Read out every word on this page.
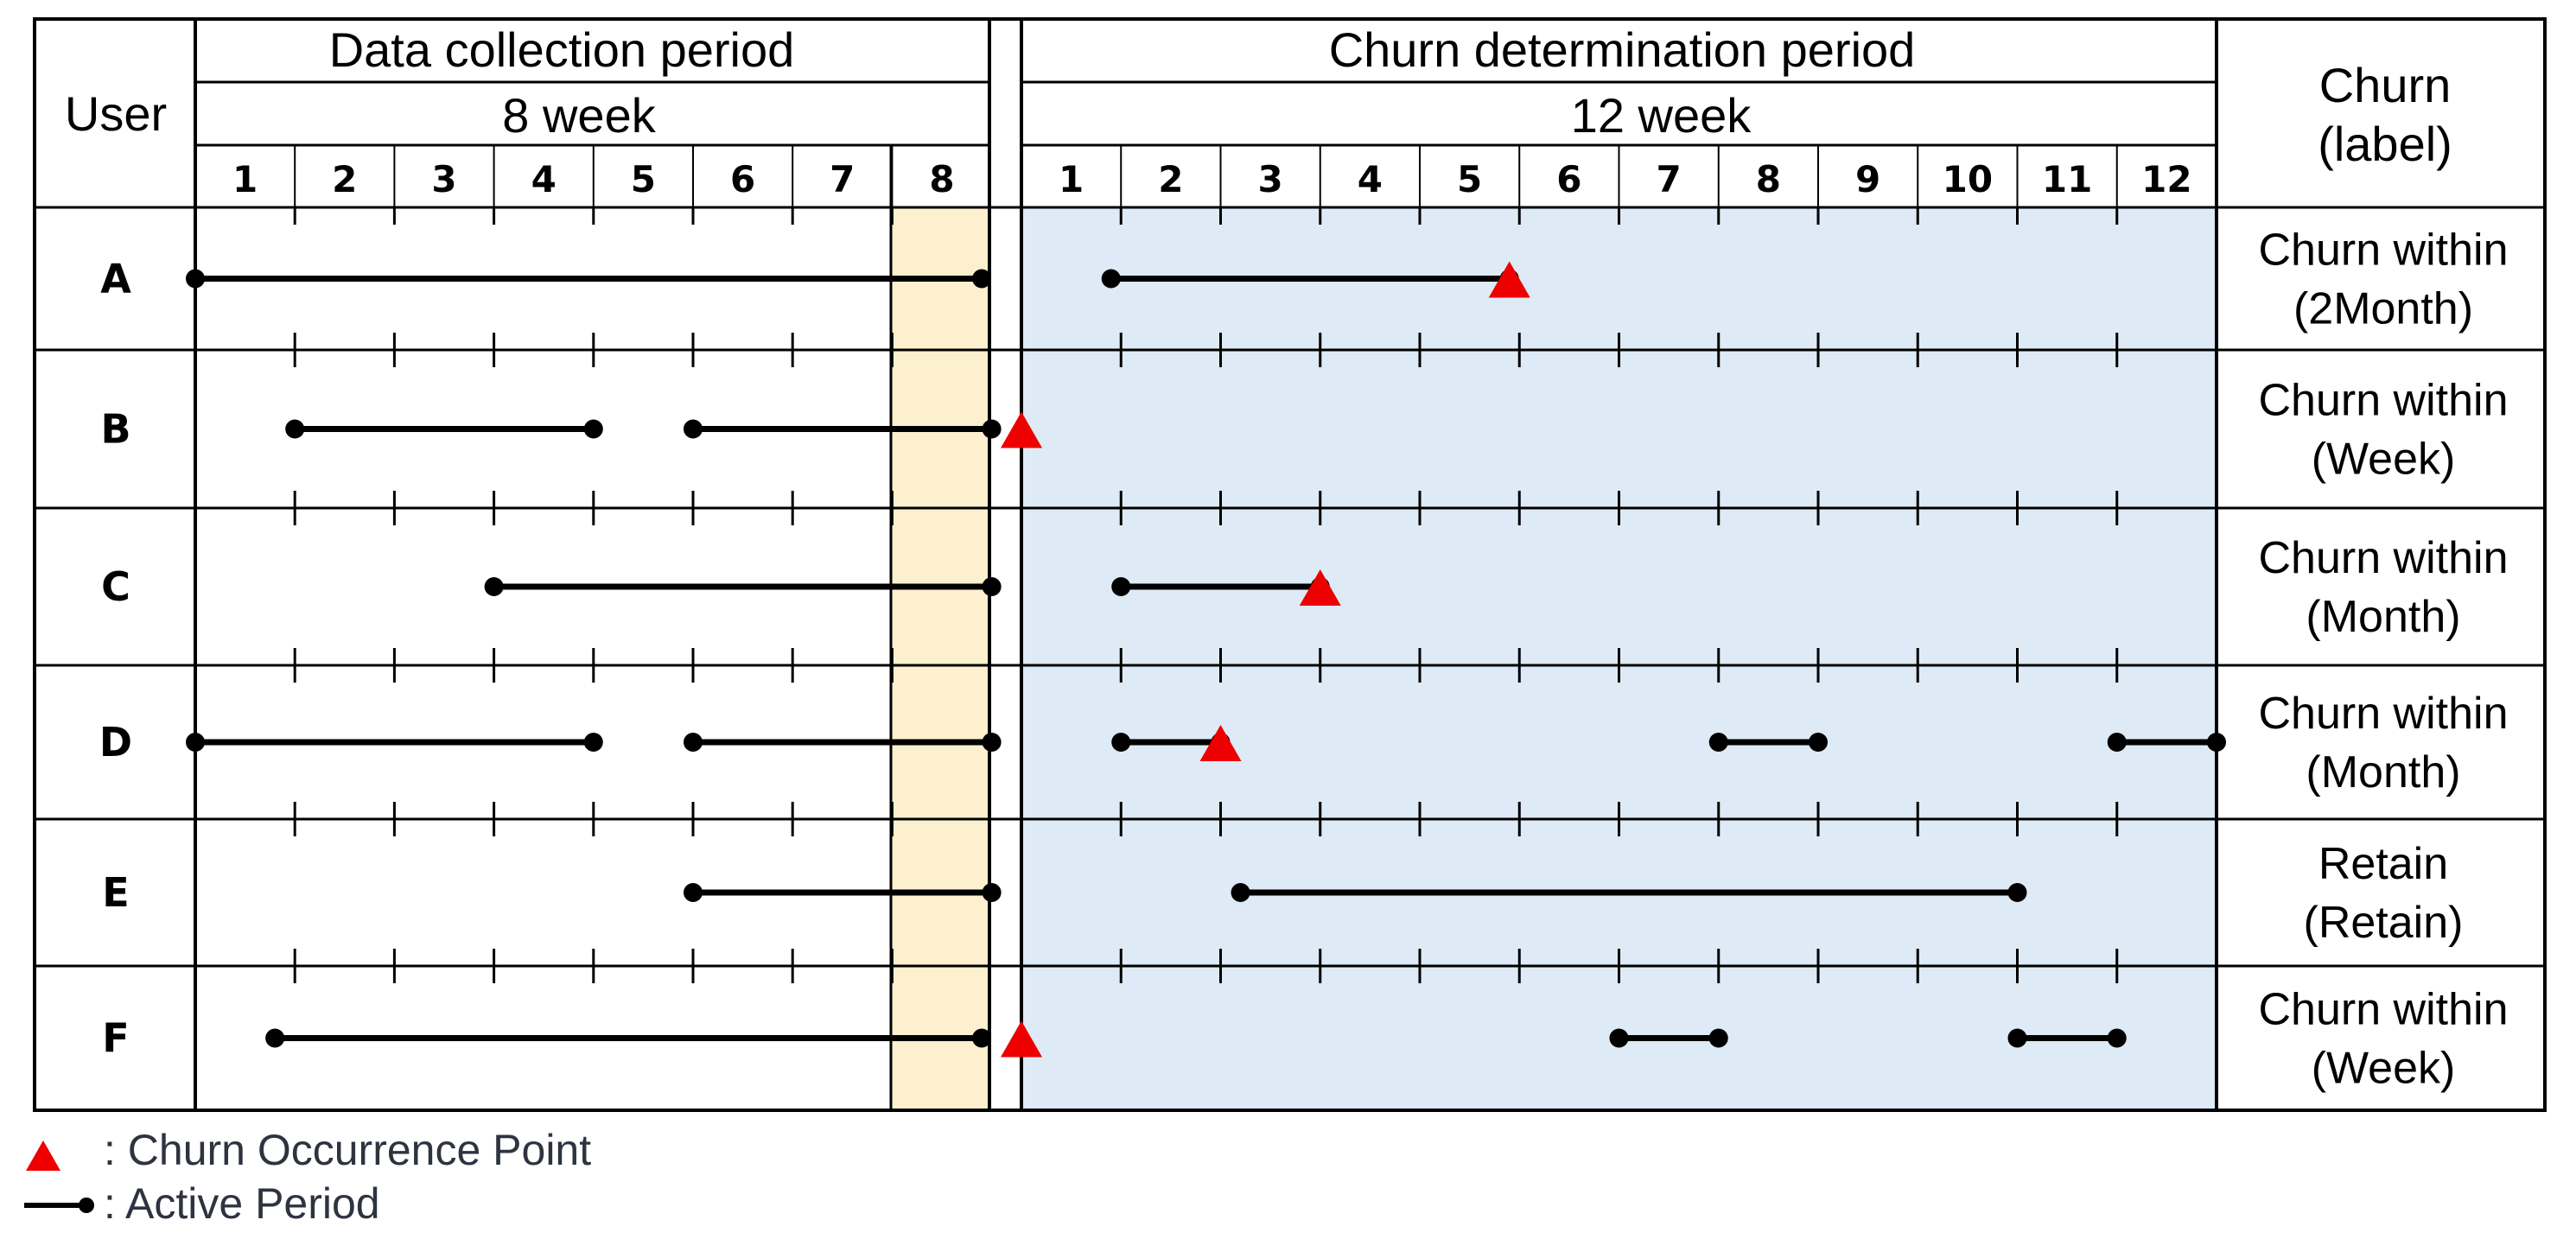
User
Data collection period
8 week
Churn determination period
12 week
Churn
(label)
1 2 3 4 5 6 7 8	1 2 3 4 5 6 7 8 9 10 11 12
A
Churn within
(2Month)
B
Churn within
(Week)
C
Churn within
(Month)
D
Churn within
(Month)
E
Retain
(Retain)
F
Churn within
(Week)
: Churn Occurrence Point
: Active Period
